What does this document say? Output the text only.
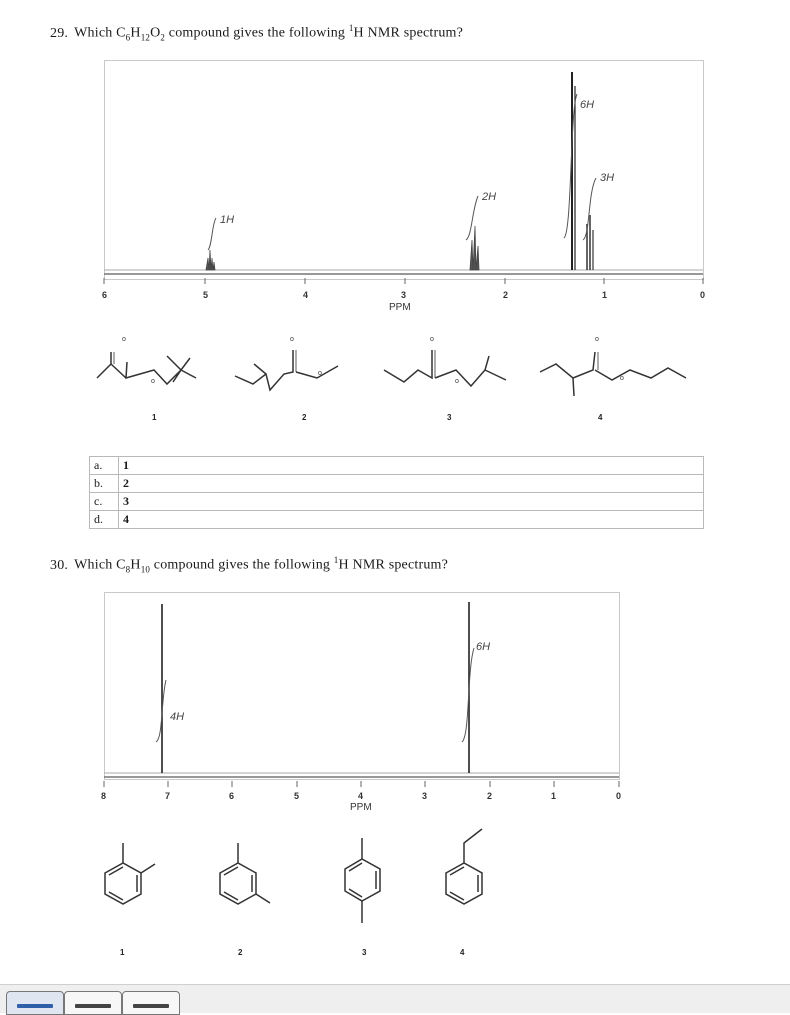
29. Which $C_6H_{12}O_2$ compound gives the following $^1$H NMR spectrum?
6	5	4	3	2	1	0
PPM
1H
2H
6H
3H
o
o
o
o
o
o
o
o
1	2	3	4
a.	1
b.	2
c.	3
d.	4
30. Which $C_8H_{10}$ compound gives the following $^1$H NMR spectrum?
8	7	6	5	4	3	2	1	0
PPM
4H
6H
1	2	3	4
